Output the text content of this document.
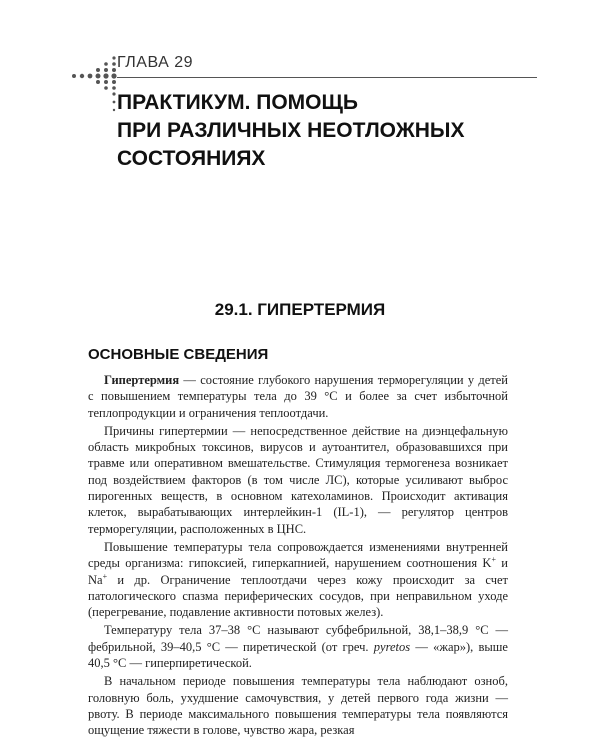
ГЛАВА 29
ПРАКТИКУМ. ПОМОЩЬ
ПРИ РАЗЛИЧНЫХ НЕОТЛОЖНЫХ
СОСТОЯНИЯХ
29.1. ГИПЕРТЕРМИЯ
ОСНОВНЫЕ СВЕДЕНИЯ

Гипертермия — состояние глубокого нарушения терморегуляции у детей с повышением температуры тела до 39 °C и более за счет избыточной теплопродукции и ограничения теплоотдачи.

Причины гипертермии — непосредственное действие на диэнцефальную область микробных токсинов, вирусов и аутоантител, образовавшихся при травме или оперативном вмешательстве. Стимуляция термогенеза возникает под воздействием факторов (в том числе ЛС), которые усиливают выброс пирогенных веществ, в основном катехоламинов. Происходит активация клеток, вырабатывающих интерлейкин-1 (IL-1), — регулятор центров терморегуляции, расположенных в ЦНС.

Повышение температуры тела сопровождается изменениями внутренней среды организма: гипоксией, гиперкапнией, нарушением соотношения K+ и Na+ и др. Ограничение теплоотдачи через кожу происходит за счет патологического спазма периферических сосудов, при неправильном уходе (перегревание, подавление активности потовых желез).

Температуру тела 37–38 °C называют субфебрильной, 38,1–38,9 °C — фебрильной, 39–40,5 °C — пиретической (от греч. pyretos — «жар»), выше 40,5 °C — гиперпиретической.

В начальном периоде повышения температуры тела наблюдают озноб, головную боль, ухудшение самочувствия, у детей первого года жизни — рвоту. В периоде максимального повышения температуры тела появляются ощущение тяжести в голове, чувство жара, резкая
